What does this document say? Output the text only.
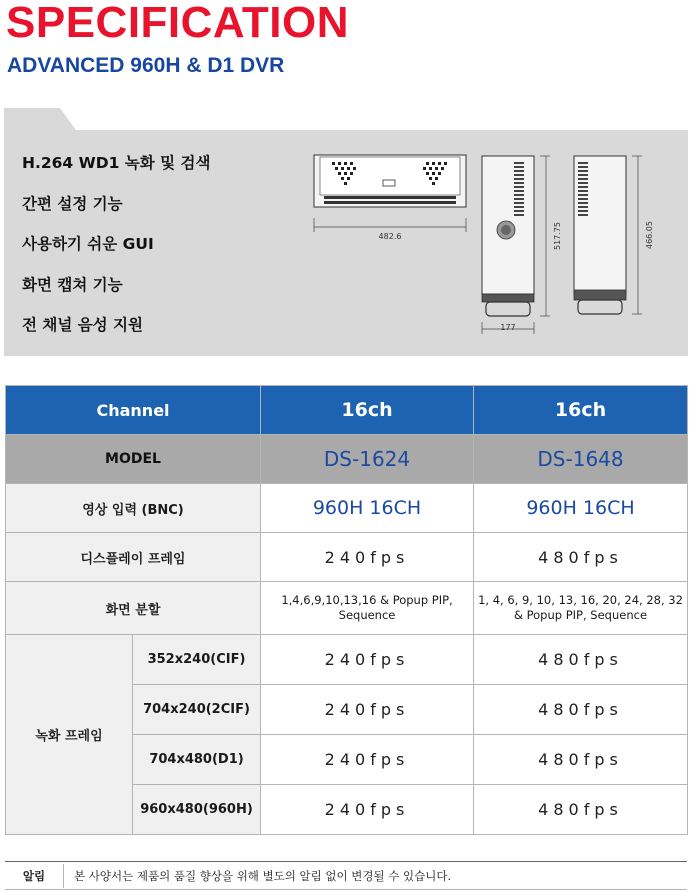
SPECIFICATION
ADVANCED 960H & D1 DVR
H.264 WD1 녹화 및 검색
간편 설정 기능
사용하기 쉬운 GUI
화면 캡쳐 기능
전 채널 음성 지원
482.6
177
517.75	466.05
Channel		16ch	16ch
MODEL		DS-1624	DS-1648
영상 입력 (BNC)		960H 16CH	960H 16CH
디스플레이 프레임		240fps	480fps
화면 분할		1,4,6,9,10,13,16 & Popup PIP, Sequence	1, 4, 6, 9, 10, 13, 16, 20, 24, 28, 32 & Popup PIP, Sequence
녹화 프레임	352x240(CIF)	240fps	480fps
	704x240(2CIF)	240fps	480fps
	704x480(D1)	240fps	480fps
	960x480(960H)	240fps	480fps
알림	본 사양서는 제품의 품질 향상을 위해 별도의 알림 없이 변경될 수 있습니다.
